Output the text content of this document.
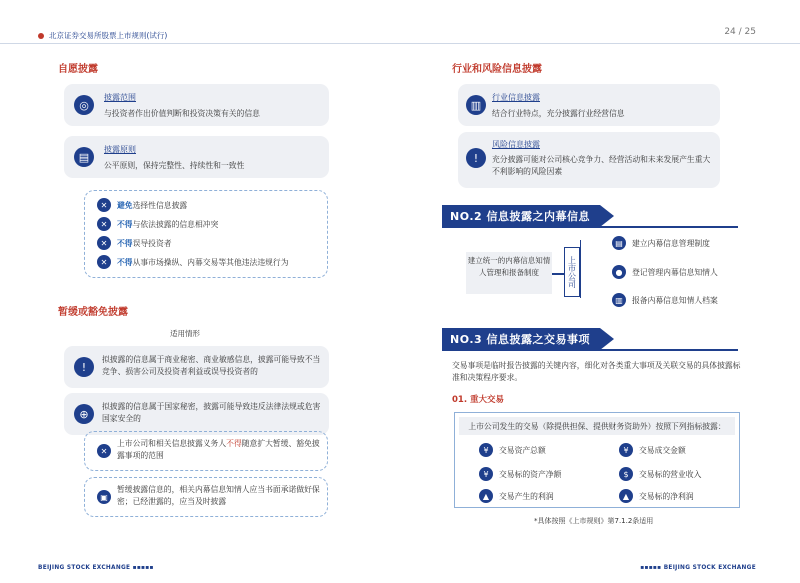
北京证券交易所股票上市规则(试行)	24 / 25
自愿披露
◎
披露范围
与投资者作出价值判断和投资决策有关的信息
▤
披露原则
公平原则，保持完整性、持续性和一致性
✕	避免选择性信息披露
✕	不得与依法披露的信息相冲突
✕	不得误导投资者
✕	不得从事市场操纵、内幕交易等其他违法违规行为
暂缓或豁免披露
适用情形
!
拟披露的信息属于商业秘密、商业敏感信息，披露可能导致不当竞争、损害公司及投资者利益或误导投资者的
⊕
拟披露的信息属于国家秘密，披露可能导致违反法律法规或危害国家安全的
✕
上市公司和相关信息披露义务人不得随意扩大暂缓、豁免披露事项的范围
▣
暂缓披露信息的，相关内幕信息知情人应当书面承诺做好保密；已经泄露的，应当及时披露
行业和风险信息披露
▥
行业信息披露
结合行业特点，充分披露行业经营信息
!
风险信息披露
充分披露可能对公司核心竞争力、经营活动和未来发展产生重大不利影响的风险因素
NO.2 信息披露之内幕信息
建立统一的内幕信息知情人管理和报备制度	上市公司
▤	建立内幕信息管理制度
●	登记管理内幕信息知情人
▥	报备内幕信息知情人档案
NO.3 信息披露之交易事项
交易事项是临时报告披露的关键内容，细化对各类重大事项及关联交易的具体披露标准和决策程序要求。
01. 重大交易
上市公司发生的交易（除提供担保、提供财务资助外）按照下列指标披露：
¥	交易资产总额	¥	交易成交金额
¥	交易标的资产净额	$	交易标的营业收入
▲	交易产生的利润	▲	交易标的净利润
*具体按照《上市规则》第7.1.2条适用
BEIJING STOCK EXCHANGE ▪▪▪▪▪	▪▪▪▪▪ BEIJING STOCK EXCHANGE
